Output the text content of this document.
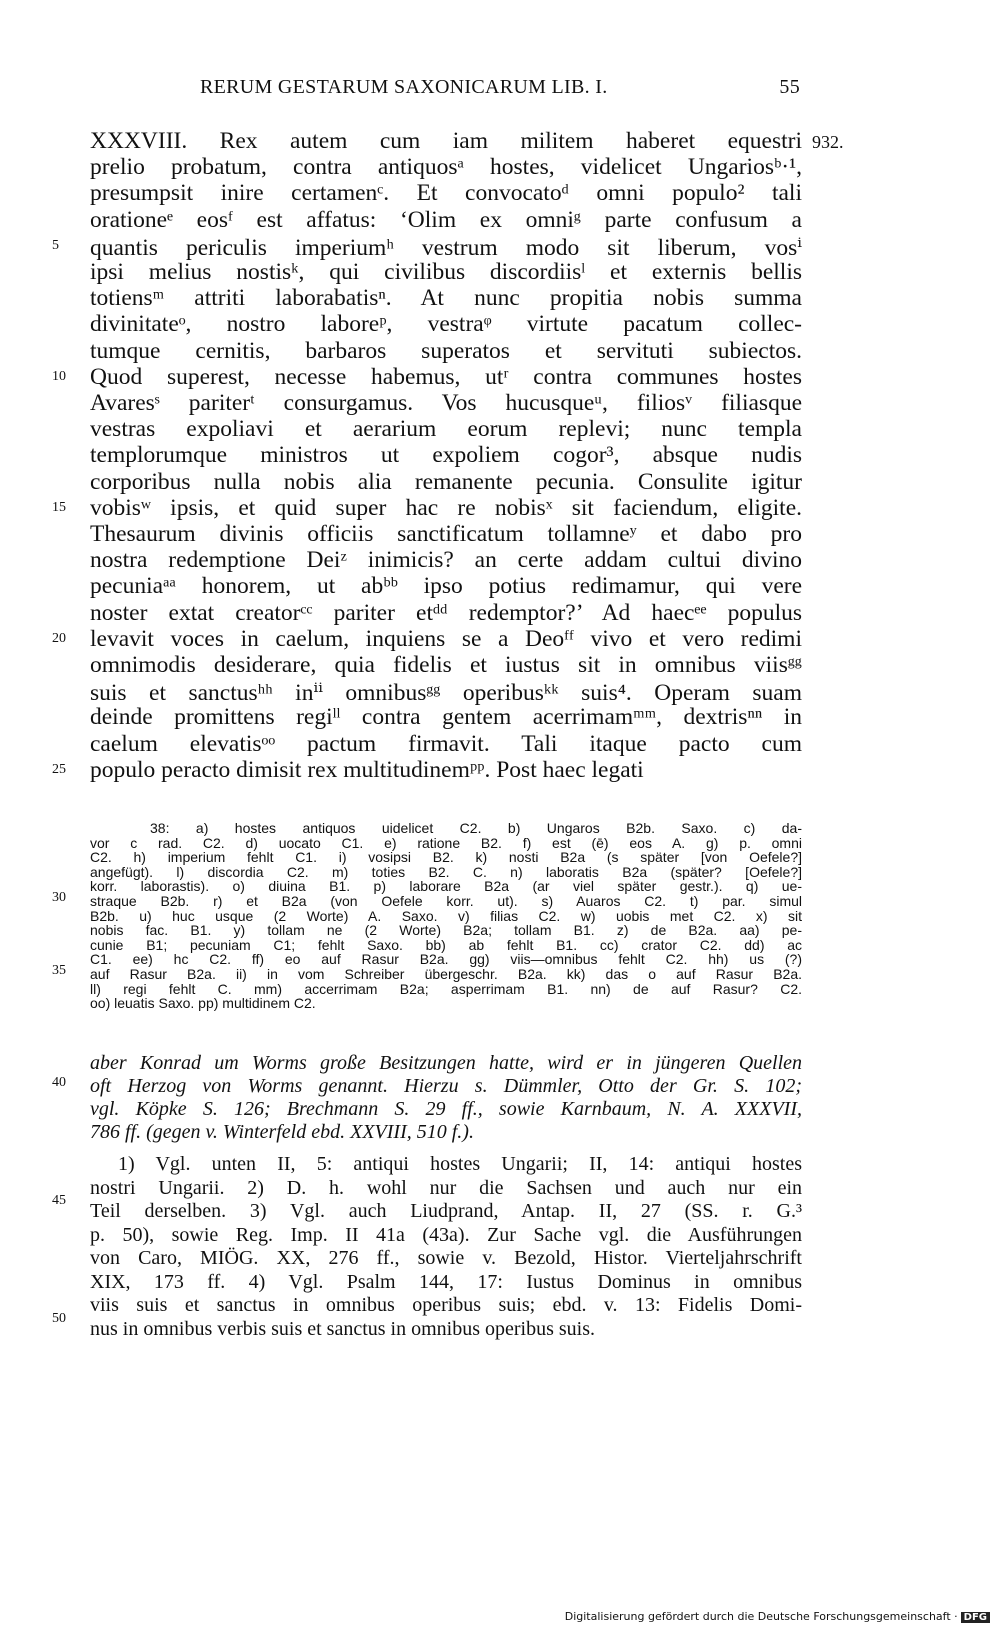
RERUM GESTARUM SAXONICARUM LIB. I.	55
932.
XXXVIII. Rex autem cum iam militem haberet equestri
prelio probatum, contra antiquosᵃ hostes, videlicet Ungariosᵇ·¹,
presumpsit inire certamenᶜ. Et convocatoᵈ omni populo² tali
orationeᵉ eosᶠ est affatus: ‘Olim ex omniᵍ parte confusum a
quantis periculis imperiumʰ vestrum modo sit liberum, vosⁱ
ipsi melius nostisᵏ, qui civilibus discordiisˡ et externis bellis
totiensᵐ attriti laborabatisⁿ. At nunc propitia nobis summa
divinitateᵒ, nostro laboreᵖ, vestraᵠ virtute pacatum collec-
tumque cernitis, barbaros superatos et servituti subiectos.
Quod superest, necesse habemus, utʳ contra communes hostes
Avaresˢ pariterᵗ consurgamus. Vos hucusqueᵘ, filiosᵛ filiasque
vestras expoliavi et aerarium eorum replevi; nunc templa
templorumque ministros ut expoliem cogor³, absque nudis
corporibus nulla nobis alia remanente pecunia. Consulite igitur
vobisʷ ipsis, et quid super hac re nobisˣ sit faciendum, eligite.
Thesaurum divinis officiis sanctificatum tollamneʸ et dabo pro
nostra redemptione Deiᶻ inimicis? an certe addam cultui divino
pecuniaᵃᵃ honorem, ut abᵇᵇ ipso potius redimamur, qui vere
noster extat creatorᶜᶜ pariter etᵈᵈ redemptor?’ Ad haecᵉᵉ populus
levavit voces in caelum, inquiens se a Deoᶠᶠ vivo et vero redimi
omnimodis desiderare, quia fidelis et iustus sit in omnibus viisᵍᵍ
suis et sanctusʰʰ inⁱⁱ omnibusᵍᵍ operibusᵏᵏ suis⁴. Operam suam
deinde promittens regiˡˡ contra gentem acerrimamᵐᵐ, dextrisⁿⁿ in
caelum elevatisᵒᵒ pactum firmavit. Tali itaque pacto cum
populo peracto dimisit rex multitudinemᵖᵖ. Post haec legati
5
10
15
20
25
38: a) hostes antiquos uidelicet C2. b) Ungaros B2b. Saxo. c) da-
vor c rad. C2. d) uocato C1. e) ratione B2. f) est (ē) eos A. g) p. omni
C2. h) imperium fehlt C1. i) vosipsi B2. k) nosti B2a (s später [von Oefele?]
angefügt). l) discordia C2. m) toties B2. C. n) laboratis B2a (später? [Oefele?]
korr. laborastis). o) diuina B1. p) laborare B2a (ar viel später gestr.). q) ue-
straque B2b. r) et B2a (von Oefele korr. ut). s) Auaros C2. t) par. simul
B2b. u) huc usque (2 Worte) A. Saxo. v) filias C2. w) uobis met C2. x) sit
nobis fac. B1. y) tollam ne (2 Worte) B2a; tollam B1. z) de B2a. aa) pe-
cunie B1; pecuniam C1; fehlt Saxo. bb) ab fehlt B1. cc) crator C2. dd) ac
C1. ee) hc C2. ff) eo auf Rasur B2a. gg) viis—omnibus fehlt C2. hh) us (?)
auf Rasur B2a. ii) in vom Schreiber übergeschr. B2a. kk) das o auf Rasur B2a.
ll) regi fehlt C. mm) accerrimam B2a; asperrimam B1. nn) de auf Rasur? C2.
oo) leuatis Saxo. pp) multidinem C2.
30
35
aber Konrad um Worms große Besitzungen hatte, wird er in jüngeren Quellen
oft Herzog von Worms genannt. Hierzu s. Dümmler, Otto der Gr. S. 102;
vgl. Köpke S. 126; Brechmann S. 29 ff., sowie Karnbaum, N. A. XXXVII,
786 ff. (gegen v. Winterfeld ebd. XXVIII, 510 f.).
1) Vgl. unten II, 5: antiqui hostes Ungarii; II, 14: antiqui hostes
nostri Ungarii. 2) D. h. wohl nur die Sachsen und auch nur ein
Teil derselben. 3) Vgl. auch Liudprand, Antap. II, 27 (SS. r. G.³
p. 50), sowie Reg. Imp. II 41a (43a). Zur Sache vgl. die Ausführungen
von Caro, MIÖG. XX, 276 ff., sowie v. Bezold, Histor. Vierteljahrschrift
XIX, 173 ff. 4) Vgl. Psalm 144, 17: Iustus Dominus in omnibus
viis suis et sanctus in omnibus operibus suis; ebd. v. 13: Fidelis Domi-
nus in omnibus verbis suis et sanctus in omnibus operibus suis.
40
45
50
Digitalisierung gefördert durch die Deutsche Forschungsgemeinschaft · DFG
